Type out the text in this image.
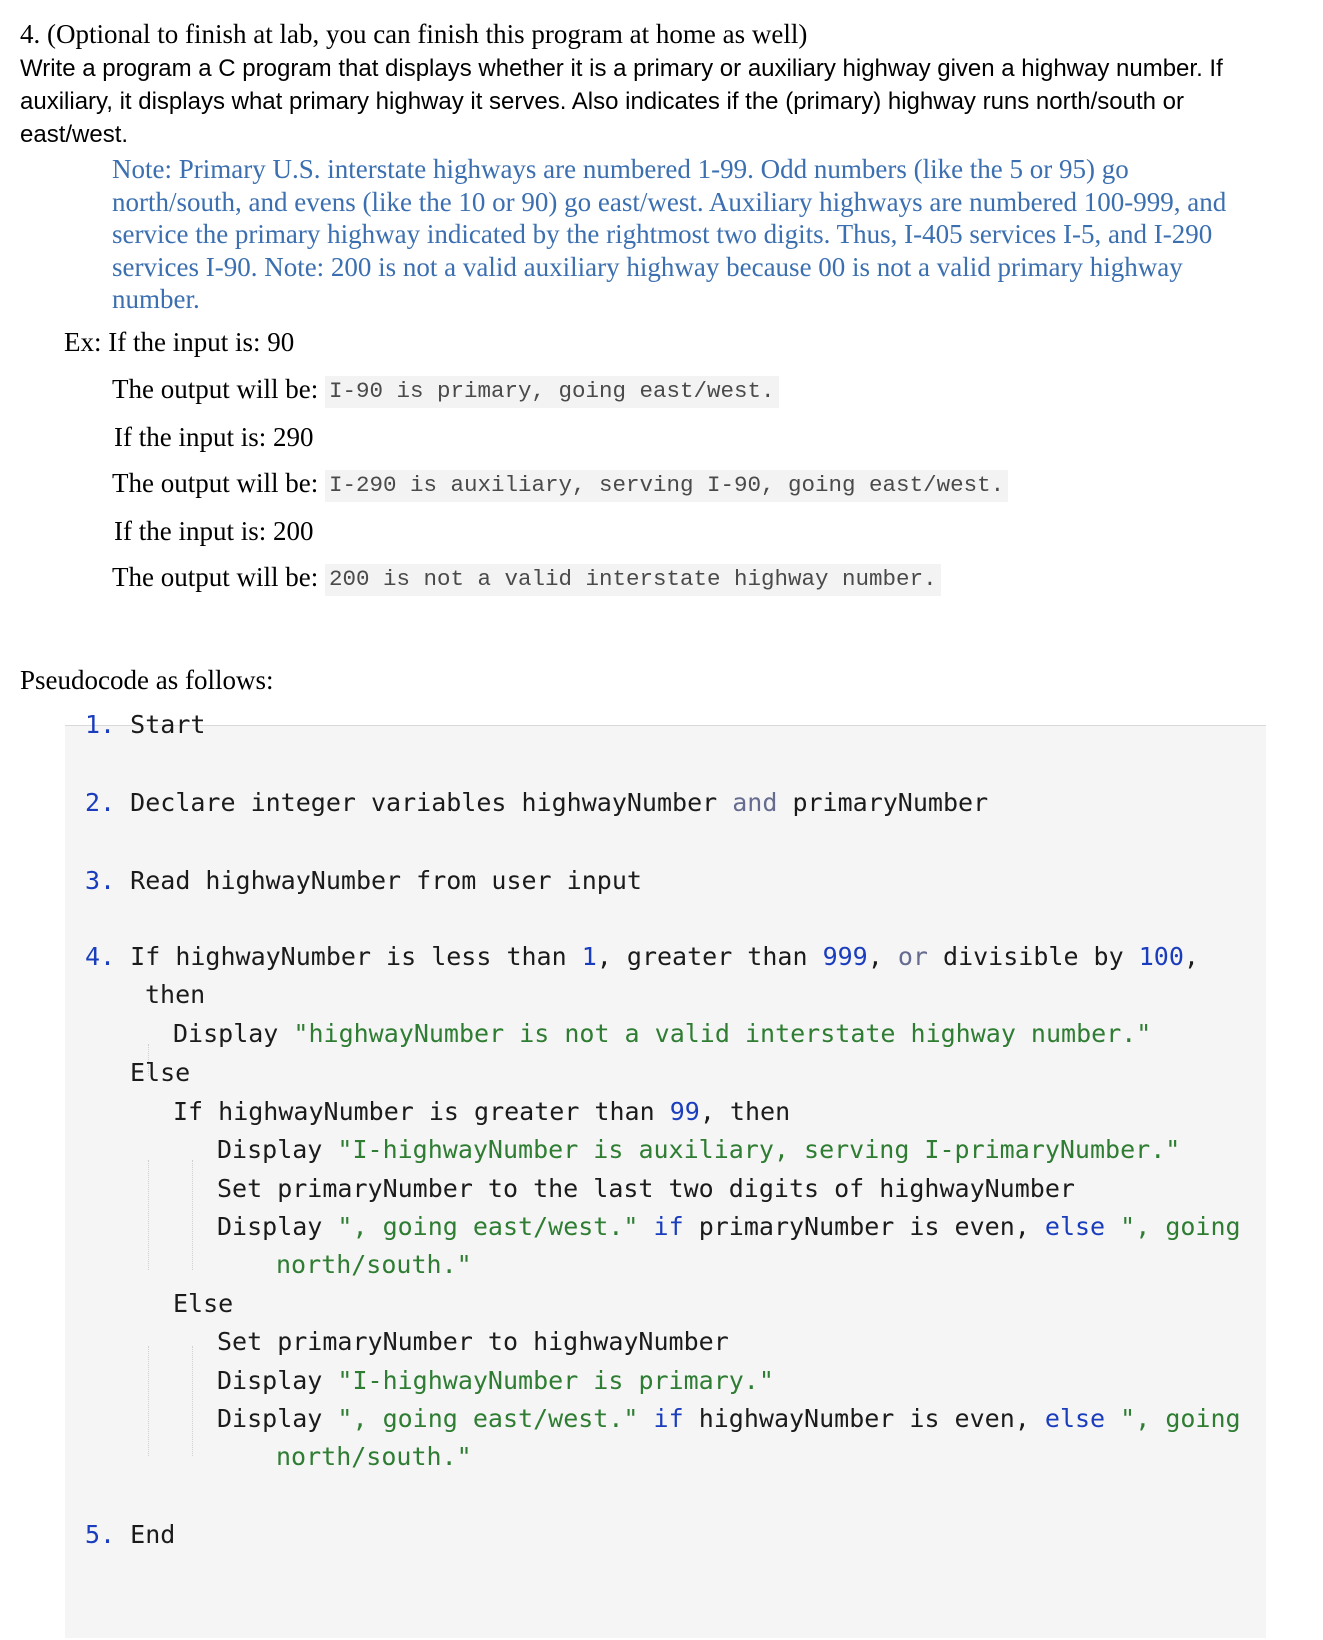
4. (Optional to finish at lab, you can finish this program at home as well)
Write a program a C program that displays whether it is a primary or auxiliary highway given a highway number. If auxiliary, it displays what primary highway it serves. Also indicates if the (primary) highway runs north/south or east/west.
Note: Primary U.S. interstate highways are numbered 1-99. Odd numbers (like the 5 or 95) go north/south, and evens (like the 10 or 90) go east/west. Auxiliary highways are numbered 100-999, and service the primary highway indicated by the rightmost two digits. Thus, I-405 services I-5, and I-290 services I-90. Note: 200 is not a valid auxiliary highway because 00 is not a valid primary highway number.
Ex: If the input is: 90
The output will be: I-90 is primary, going east/west.
If the input is: 290
The output will be: I-290 is auxiliary, serving I-90, going east/west.
If the input is: 200
The output will be: 200 is not a valid interstate highway number.
Pseudocode as follows:
1. Start
2. Declare integer variables highwayNumber and primaryNumber
3. Read highwayNumber from user input
4. If highwayNumber is less than 1, greater than 999, or divisible by 100,
then
Display "highwayNumber is not a valid interstate highway number."
Else
If highwayNumber is greater than 99, then
Display "I-highwayNumber is auxiliary, serving I-primaryNumber."
Set primaryNumber to the last two digits of highwayNumber
Display ", going east/west." if primaryNumber is even, else ", going
north/south."
Else
Set primaryNumber to highwayNumber
Display "I-highwayNumber is primary."
Display ", going east/west." if highwayNumber is even, else ", going
north/south."
5. End
